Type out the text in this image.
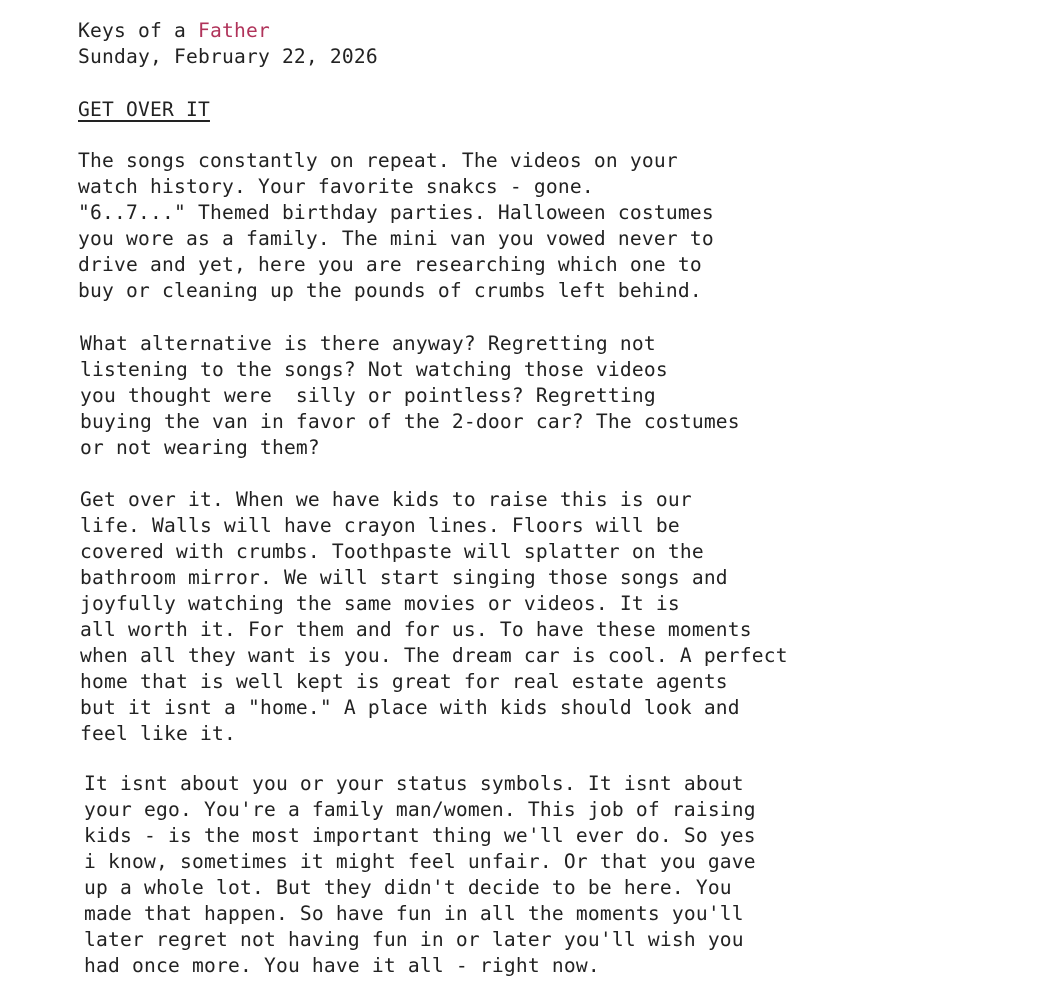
Keys of a Father
Sunday, February 22, 2026
GET OVER IT
The songs constantly on repeat. The videos on your
watch history. Your favorite snakcs - gone.
"6..7..." Themed birthday parties. Halloween costumes
you wore as a family. The mini van you vowed never to
drive and yet, here you are researching which one to
buy or cleaning up the pounds of crumbs left behind.
What alternative is there anyway? Regretting not
listening to the songs? Not watching those videos
you thought were  silly or pointless? Regretting
buying the van in favor of the 2-door car? The costumes
or not wearing them?
Get over it. When we have kids to raise this is our
life. Walls will have crayon lines. Floors will be
covered with crumbs. Toothpaste will splatter on the
bathroom mirror. We will start singing those songs and
joyfully watching the same movies or videos. It is
all worth it. For them and for us. To have these moments
when all they want is you. The dream car is cool. A perfect
home that is well kept is great for real estate agents
but it isnt a "home." A place with kids should look and
feel like it.
It isnt about you or your status symbols. It isnt about
your ego. You're a family man/women. This job of raising
kids - is the most important thing we'll ever do. So yes
i know, sometimes it might feel unfair. Or that you gave
up a whole lot. But they didn't decide to be here. You
made that happen. So have fun in all the moments you'll
later regret not having fun in or later you'll wish you
had once more. You have it all - right now.
